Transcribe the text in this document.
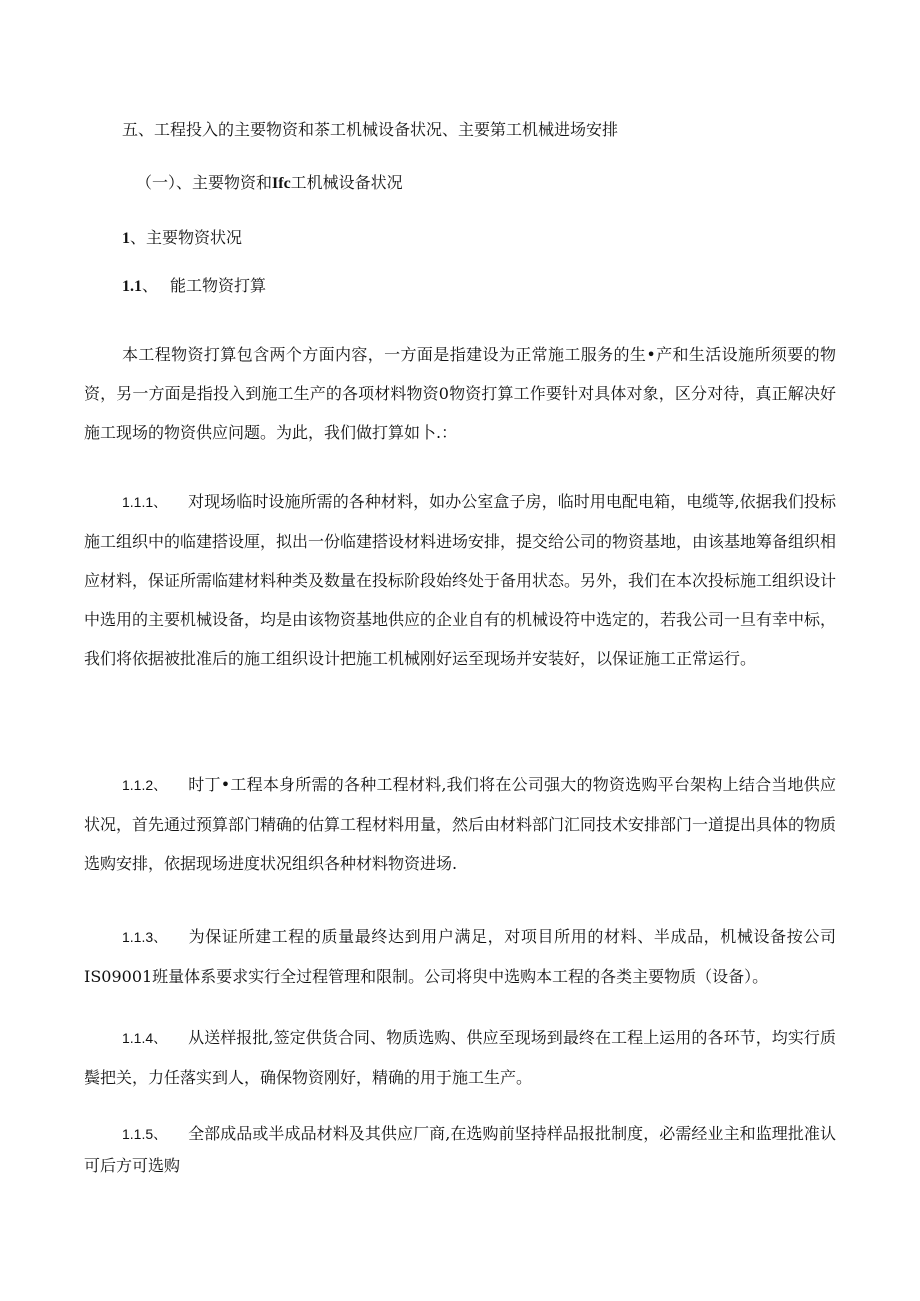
五、工程投入的主要物资和茶工机械设备状况、主要第工机械进场安排
（一）、主要物资和Ifc工机械设备状况
1、主要物资状况
1.1、 能工物资打算
本工程物资打算包含两个方面内容，一方面是指建设为正常施工服务的生•产和生活设施所须要的物资，另一方面是指投入到施工生产的各项材料物资0物资打算工作要针对具体对象，区分对待，真正解决好施工现场的物资供应问题。为此，我们做打算如卜.：
1.1.1、 对现场临时设施所需的各种材料，如办公室盒子房，临时用电配电箱，电缆等,依据我们投标施工组织中的临建搭设厘，拟出一份临建搭设材料进场安排，提交给公司的物资基地，由该基地筹备组织相应材料，保证所需临建材料种类及数量在投标阶段始终处于备用状态。另外，我们在本次投标施工组织设计中选用的主要机械设备，均是由该物资基地供应的企业自有的机械设符中选定的，若我公司一旦有幸中标，我们将依据被批准后的施工组织设计把施工机械刚好运至现场并安装好，以保证施工正常运行。
1.1.2、 时丁•工程本身所需的各种工程材料,我们将在公司强大的物资选购平台架构上结合当地供应状况，首先通过预算部门精确的估算工程材料用量，然后由材料部门汇同技术安排部门一道提出具体的物质选购安排，依据现场进度状况组织各种材料物资进场.
1.1.3、 为保证所建工程的质量最终达到用户满足，对项目所用的材料、半成品，机械设备按公司IS09001班量体系要求实行全过程管理和限制。公司将臾中选购本工程的各类主要物质（设备）。
1.1.4、 从送样报批,签定供货合同、物质选购、供应至现场到最终在工程上运用的各环节，均实行质鬓把关，力任落实到人，确保物资刚好，精确的用于施工生产。
1.1.5、 全部成品或半成品材料及其供应厂商,在选购前坚持样品报批制度，必需经业主和监理批准认可后方可选购
